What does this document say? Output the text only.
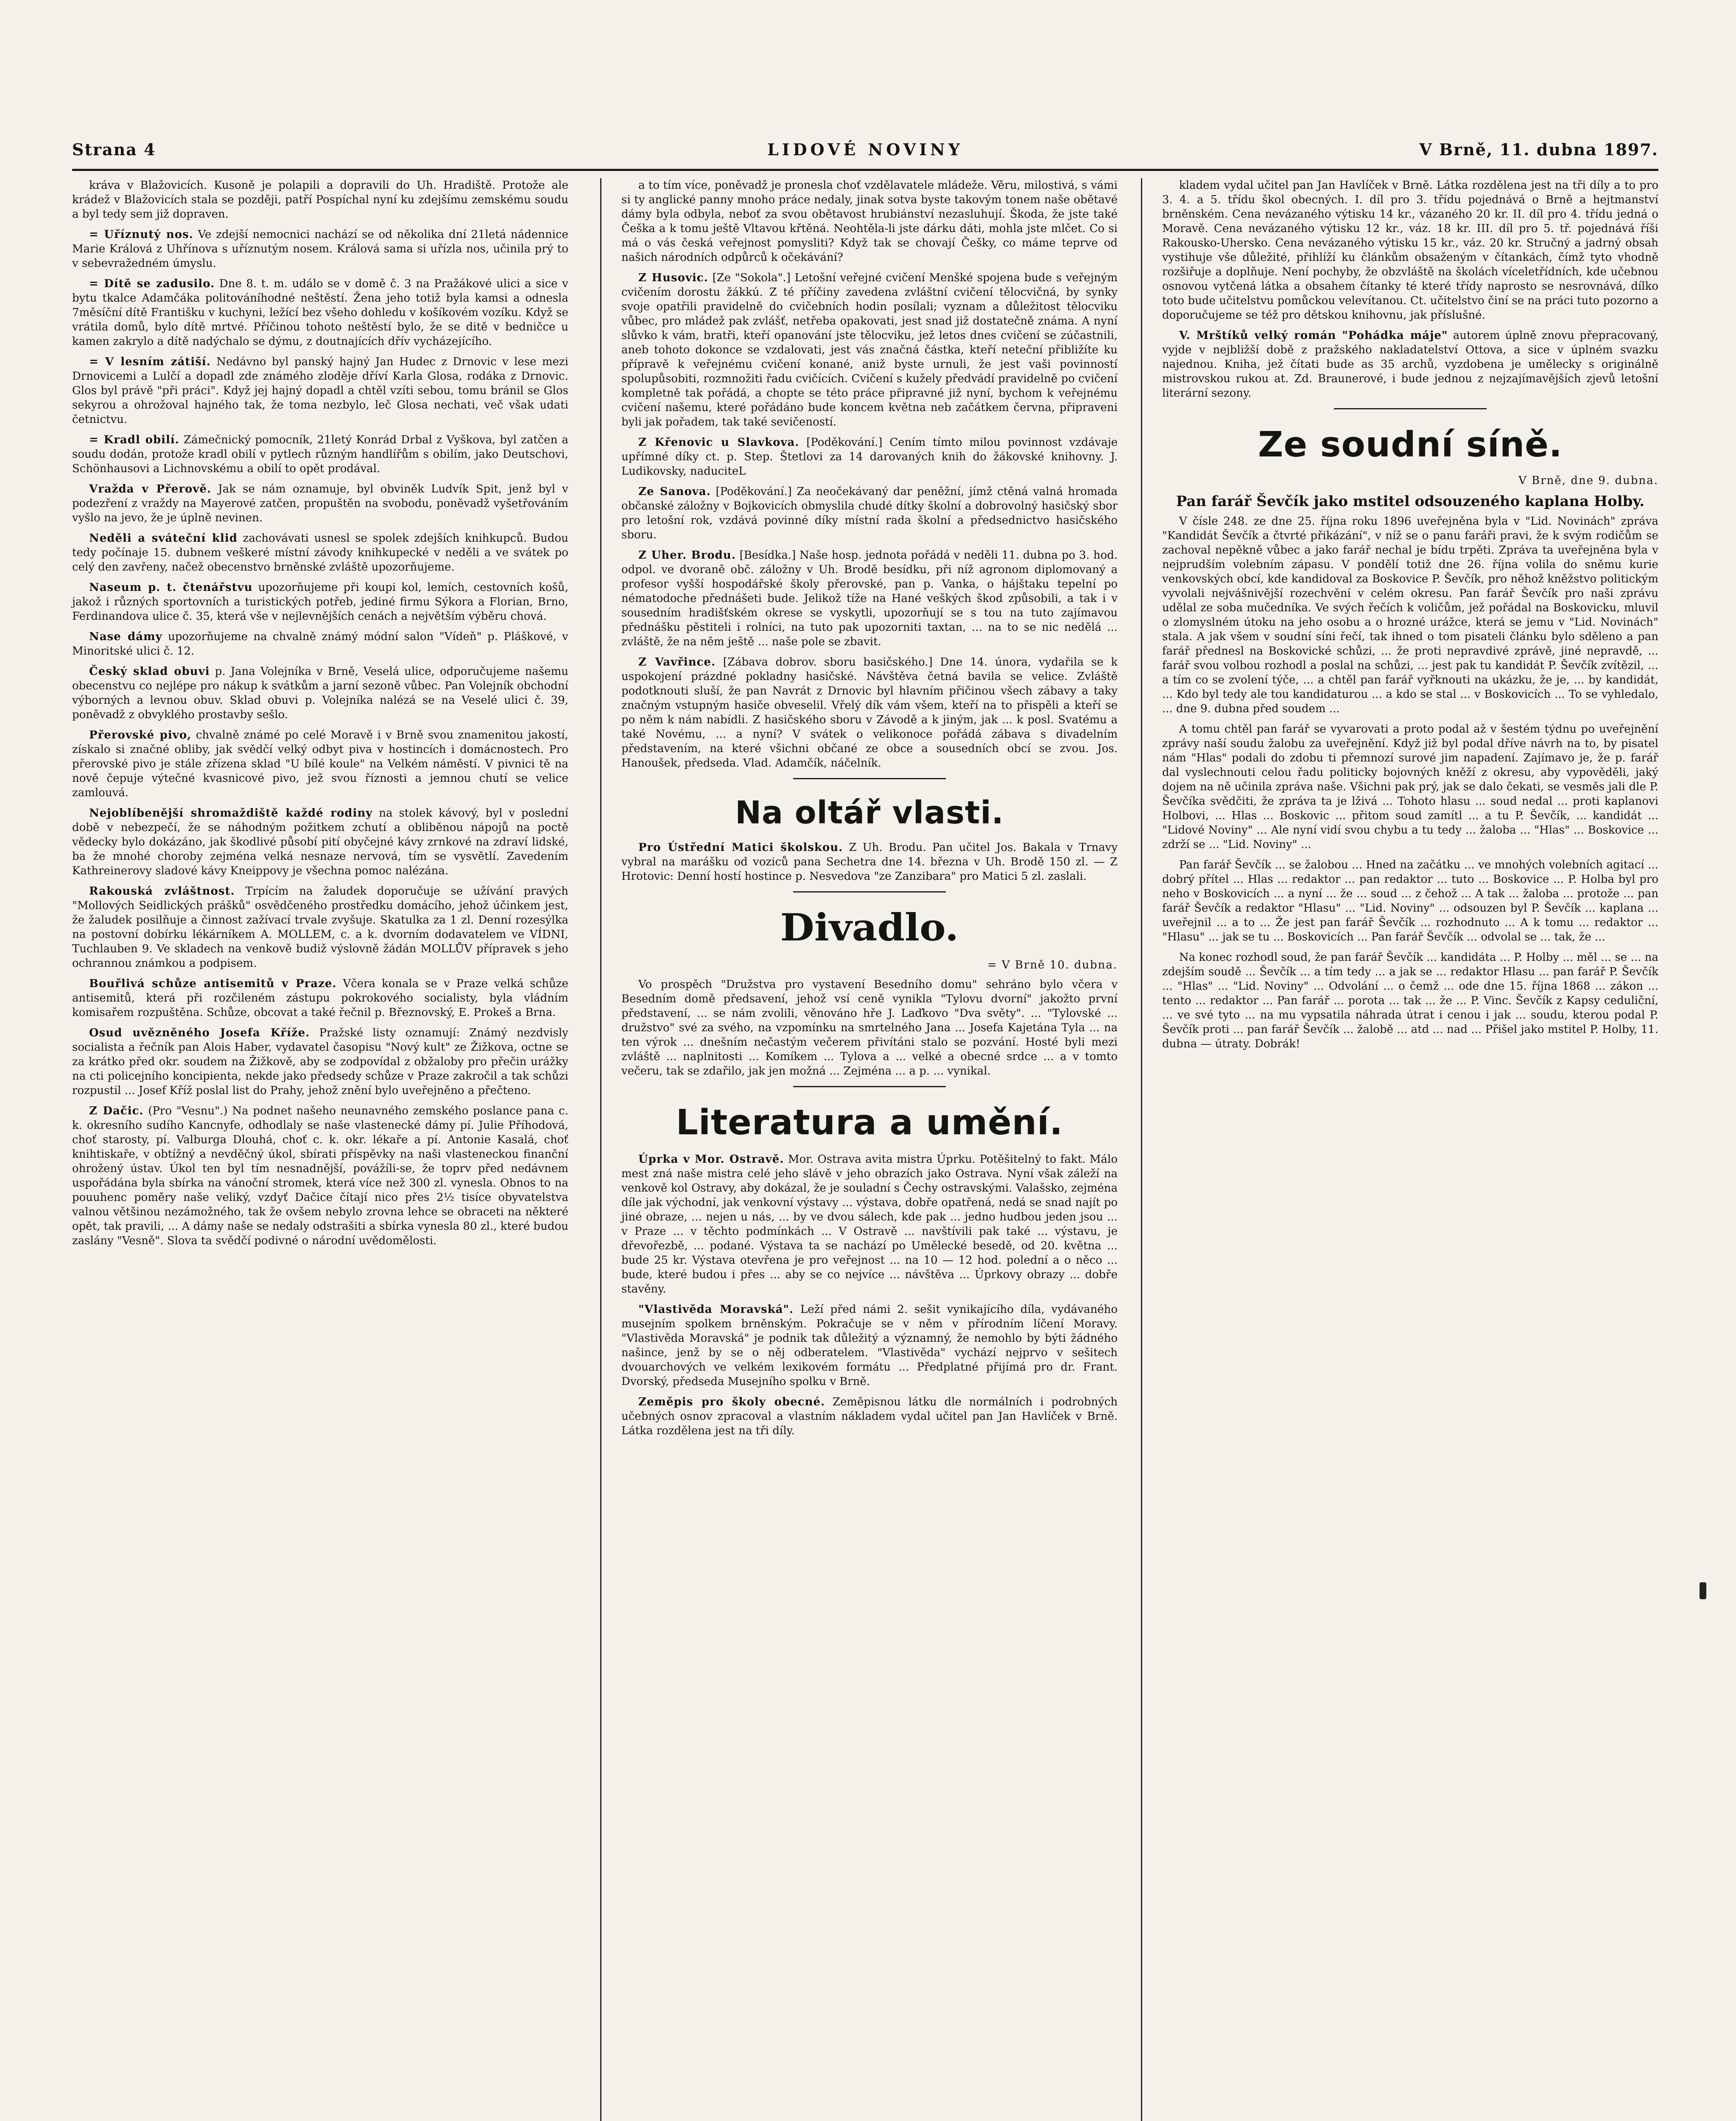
Strana 4	LIDOVÉ NOVINY	V Brně, 11. dubna 1897.

kráva v Blažovicích. Kusoně je polapili a dopravili do Uh. Hradiště. Protože ale krádež v Blažovicích stala se později, patří Pospíchal nyní ku zdejšímu zemskému soudu a byl tedy sem již dopraven.

= Uříznutý nos. Ve zdejší nemocnici nachází se od několika dní 21letá nádennice Marie Králová z Uhřínova s uříznutým nosem. Králová sama si uřízla nos, učinila prý to v sebevražedném úmyslu.

= Dítě se zadusilo. Dne 8. t. m. událo se v domě č. 3 na Pražákové ulici a sice v bytu tkalce Adamčáka politováníhodné neštěstí. Žena jeho totiž byla kamsi a odnesla 7měsíční dítě Františku v kuchyni, ležící bez všeho dohledu v košíkovém vozíku. Když se vrátila domů, bylo dítě mrtvé. Příčinou tohoto neštěstí bylo, že se ditě v bedničce u kamen zakrylo a dítě nadýchalo se dýmu, z doutnajících dřív vycházejícího.

= V lesním zátiší. Nedávno byl panský hajný Jan Hudec z Drnovic v lese mezi Drnovicemi a Lulčí a dopadl zde známého zloděje dříví Karla Glosa, rodáka z Drnovic. Glos byl právě "při práci". Když jej hajný dopadl a chtěl vzíti sebou, tomu bránil se Glos sekyrou a ohrožoval hajného tak, že toma nezbylo, leč Glosa nechati, več však udati četnictvu.

= Kradl obilí. Zámečnický pomocník, 21letý Konrád Drbal z Vyškova, byl zatčen a soudu dodán, protože kradl obilí v pytlech různým handlířům s obilím, jako Deutschovi, Schönhausovi a Lichnovskému a obilí to opět prodával.

Vražda v Přerově. Jak se nám oznamuje, byl obviněk Ludvík Spit, jenž byl v podezření z vraždy na Mayerové zatčen, propuštěn na svobodu, poněvadž vyšetřováním vyšlo na jevo, že je úplně nevinen.

Neděli a sváteční klid zachovávati usnesl se spolek zdejších knihkupců. Budou tedy počínaje 15. dubnem veškeré místní závody knihkupecké v neděli a ve svátek po celý den zavřeny, načež obecenstvo brněnské zvláště upozorňujeme.

Naseum p. t. čtenářstvu upozorňujeme při koupi kol, lemích, cestovních košů, jakož i různých sportovních a turistických potřeb, jediné firmu Sýkora a Florian, Brno, Ferdinandova ulice č. 35, která vše v nejlevnějších cenách a největším výběru chová.

Nase dámy upozorňujeme na chvalně známý módní salon "Vídeň" p. Pláškové, v Minoritské ulici č. 12.

Český sklad obuvi p. Jana Volejníka v Brně, Veselá ulice, odporučujeme našemu obecenstvu co nejlépe pro nákup k svátkům a jarní sezoně vůbec. Pan Volejník obchodní výborných a levnou obuv. Sklad obuvi p. Volejníka nalézá se na Veselé ulici č. 39, poněvadž z obvyklého prostavby sešlo.

Přerovské pivo, chvalně známé po celé Moravě i v Brně svou znamenitou jakostí, získalo si značné obliby, jak svědčí velký odbyt piva v hostincích i domácnostech. Pro přerovské pivo je stále zřízena sklad "U bílé koule" na Velkém náměstí. V pivnici tě na nově čepuje výtečné kvasnicové pivo, jež svou říznosti a jemnou chutí se velice zamlouvá.

Nejoblíbenější shromaždiště každé rodiny na stolek kávový, byl v poslední době v nebezpečí, že se náhodným požitkem zchutí a obliběnou nápojů na poctě vědecky bylo dokázáno, jak škodlivé působí pití obyčejné kávy zrnkové na zdraví lidské, ba že mnohé choroby zejména velká nesnaze nervová, tím se vysvětlí. Zavedením Kathreinerovy sladové kávy Kneippovy je všechna pomoc nalézána.

Rakouská zvláštnost. Trpícím na žaludek doporučuje se užívání pravých "Mollových Seidlických prášků" osvědčeného prostředku domácího, jehož účinkem jest, že žaludek posilňuje a činnost zažívací trvale zvyšuje. Skatulka za 1 zl. Denní rozesýlka na postovní dobírku lékárníkem A. MOLLEM, c. a k. dvorním dodavatelem ve VÍDNI, Tuchlauben 9. Ve skladech na venkově budiž výslovně žádán MOLLŮV přípravek s jeho ochrannou známkou a podpisem.

Bouřlivá schůze antisemitů v Praze. Včera konala se v Praze velká schůze antisemitů, která při rozčileném zástupu pokrokového socialisty, byla vládním komisařem rozpuštěna. Schůze, obcovat a také řečnil p. Březnovský, E. Prokeš a Brna.

Osud uvězněného Josefa Kříže. Pražské listy oznamují: Známý nezdvisly socialista a řečník pan Alois Haber, vydavatel časopisu "Nový kult" ze Žižkova, octne se za krátko před okr. soudem na Žižkově, aby se zodpovídal z obžaloby pro přečin urážky na cti policejního koncipienta, nekde jako předsedy schůze v Praze zakročil a tak schůzi rozpustil ... Josef Kříž poslal list do Prahy, jehož znění bylo uveřejněno a přečteno.

Z Dačic. (Pro "Vesnu".) Na podnet našeho neunavného zemského poslance pana c. k. okresního sudího Kancnyfe, odhodlaly se naše vlastenecké dámy pí. Julie Příhodová, choť starosty, pí. Valburga Dlouhá, choť c. k. okr. lékaře a pí. Antonie Kasalá, choť knihtiskaře, v obtížný a nevděčný úkol, sbírati příspěvky na naši vlasteneckou finanční ohrožený ústav. Úkol ten byl tím nesnadnější, povážíli-se, že toprv před nedávnem uspořádána byla sbírka na vánoční stromek, která více než 300 zl. vynesla. Obnos to na pouuhenc poměry naše veliký, vzdyť Dačice čítají nico přes 2½ tisíce obyvatelstva valnou většinou nezámožného, tak že ovšem nebylo zrovna lehce se obraceti na některé opět, tak pravili, ... A dámy naše se nedaly odstrašiti a sbírka vynesla 80 zl., které budou zaslány "Vesně". Slova ta svědčí podivné o národní uvědomělosti.

a to tím více, poněvadž je pronesla choť vzdělavatele mládeže. Věru, milostivá, s vámi si ty anglické panny mnoho práce nedaly, jinak sotva byste takovým tonem naše obětavé dámy byla odbyla, neboť za svou obětavost hrubiánství nezasluhují. Škoda, že jste také Češka a k tomu ještě Vltavou křtěná. Neohtěla-li jste dárku dáti, mohla jste mlčet. Co si má o vás česká veřejnost pomysliti? Když tak se chovají Češky, co máme teprve od našich národních odpůrců k očekávání?

Z Husovic. [Ze "Sokola".] Letošní veřejné cvičení Menšké spojena bude s veřejným cvičením dorostu žákkú. Z té příčiny zavedena zvláštní cvičení tělocvičná, by synky svoje opatřili pravidelně do cvičebních hodin posílali; vyznam a důležitost tělocviku vůbec, pro mládež pak zvlášť, netřeba opakovati, jest snad již dostatečně známa. A nyní slůvko k vám, bratři, kteří opanování jste tělocviku, jež letos dnes cvičení se zúčastnili, aneb tohoto dokonce se vzdalovati, jest vás značná částka, kteří neteční přibližíte ku přípravě k veřejnému cvičení konané, aniž byste urnuli, že jest vaši povinností spolupůsobiti, rozmnožiti řadu cvičících. Cvičení s kužely předvádí pravidelně po cvičení kompletně tak pořádá, a chopte se této práce připravné již nyní, bychom k veřejnému cvičení našemu, které pořádáno bude koncem května neb začátkem června, připraveni byli jak pořadem, tak také sevičeností.

Z Křenovic u Slavkova. [Poděkování.] Cením tímto milou povinnost vzdávaje upřímné díky ct. p. Step. Štetlovi za 14 darovaných knih do žákovské knihovny. J. Ludikovsky, naduciteL

Ze Sanova. [Poděkování.] Za neočekávaný dar peněžní, jímž ctěná valná hromada občanské záložny v Bojkovicích obmyslila chudé dítky školní a dobrovolný hasičský sbor pro letošní rok, vzdává povinné díky místní rada školní a předsednictvo hasičského sboru.

Z Uher. Brodu. [Besídka.] Naše hosp. jednota pořádá v neděli 11. dubna po 3. hod. odpol. ve dvoraně obč. záložny v Uh. Brodě besídku, při níž agronom diplomovaný a profesor vyšší hospodářské školy přerovské, pan p. Vanka, o hájštaku tepelní po nématodoche přednášeti bude. Jelikož tíže na Hané veškých škod způsobili, a tak i v sousedním hradišťském okrese se vyskytli, upozorňují se s tou na tuto zajímavou přednášku pěstiteli i rolníci, na tuto pak upozorniti taxtan, ... na to se nic nedělá ... zvláště, že na něm ještě ... naše pole se zbavit.

Z Vavřince. [Zábava dobrov. sboru basičského.] Dne 14. února, vydařila se k uspokojení prázdné pokladny hasičské. Návštěva četná bavila se velice. Zvláště podotknouti sluší, že pan Navrát z Drnovic byl hlavním přičinou všech zábavy a taky značným vstupným hasiče obveselil. Vřelý dík vám všem, kteří na to přispěli a kteří se po něm k nám nabídli. Z hasičského sboru v Závodě a k jiným, jak ... k posl. Svatému a také Novému, ... a nyní? V svátek o velikonoce pořádá zábava s divadelním představením, na které všichni občané ze obce a sousedních obcí se zvou. Jos. Hanoušek, předseda. Vlad. Adamčík, náčelník.

Na oltář vlasti.

Pro Ústřední Matici školskou. Z Uh. Brodu. Pan učitel Jos. Bakala v Trnavy vybral na marášku od voziců pana Sechetra dne 14. března v Uh. Brodě 150 zl. — Z Hrotovic: Denní hostí hostince p. Nesvedova "ze Zanzibara" pro Matici 5 zl. zaslali.

Divadlo.
= V Brně 10. dubna.

Vo prospěch "Družstva pro vystavení Besedního domu" sehráno bylo včera v Besedním domě předsavení, jehož vsí ceně vynikla "Tylovu dvorní" jakožto první představení, ... se nám zvolili, věnováno hře J. Laďkovo "Dva světy". ... "Tylovské ... družstvo" své za svého, na vzpomínku na smrtelného Jana ... Josefa Kajetána Tyla ... na ten výrok ... dnešním nečastým večerem přivítáni stalo se pozvání. Hosté byli mezi zvláště ... naplnitosti ... Komíkem ... Tylova a ... velké a obecné srdce ... a v tomto večeru, tak se zdařilo, jak jen možná ... Zejména ... a p. ... vynikal.

Literatura a umění.

Úprka v Mor. Ostravě. Mor. Ostrava avita mistra Úprku. Potěšitelný to fakt. Málo mest zná naše mistra celé jeho slávě v jeho obrazích jako Ostrava. Nyní však záleží na venkově kol Ostravy, aby dokázal, že je souladní s Čechy ostravskými. Valašsko, zejména díle jak východní, jak venkovní výstavy ... výstava, dobře opatřená, nedá se snad najít po jiné obraze, ... nejen u nás, ... by ve dvou sálech, kde pak ... jedno hudbou jeden jsou ... v Praze ... v těchto podmínkách ... V Ostravě ... navštívili pak také ... výstavu, je dřevořezbě, ... podané. Výstava ta se nachází po Umělecké besedě, od 20. května ... bude 25 kr. Výstava otevřena je pro veřejnost ... na 10 — 12 hod. polední a o něco ... bude, které budou i přes ... aby se co nejvíce ... návštěva ... Úprkovy obrazy ... dobře stavěny.

"Vlastivěda Moravská". Leží před námi 2. sešit vynikajícího díla, vydávaného musejním spolkem brněnským. Pokračuje se v něm v přírodním líčení Moravy. "Vlastivěda Moravská" je podnik tak důležitý a významný, že nemohlo by býti žádného našince, jenž by se o něj odberatelem. "Vlastivěda" vychází nejprvo v sešitech dvouarchových ve velkém lexikovém formátu ... Předplatné přijímá pro dr. Frant. Dvorský, předseda Musejního spolku v Brně.

Zeměpis pro školy obecné. Zeměpisnou látku dle normálních i podrobných učebných osnov zpracoval a vlastním nákladem vydal učitel pan Jan Havlíček v Brně. Látka rozdělena jest na tři díly.

kladem vydal učitel pan Jan Havlíček v Brně. Látka rozdělena jest na tři díly a to pro 3. 4. a 5. třídu škol obecných. I. díl pro 3. třídu pojednává o Brně a hejtmanství brněnském. Cena nevázaného výtisku 14 kr., vázaného 20 kr. II. díl pro 4. třídu jedná o Moravě. Cena nevázaného výtisku 12 kr., váz. 18 kr. III. díl pro 5. tř. pojednává říši Rakousko-Uhersko. Cena nevázaného výtisku 15 kr., váz. 20 kr. Stručný a jadrný obsah vystihuje vše důležité, přihlíží ku článkům obsaženým v čítankách, čímž tyto vhodně rozšiřuje a doplňuje. Není pochyby, že obzvláště na školách víceletřídních, kde učebnou osnovou vytčená látka a obsahem čítanky té které třídy naprosto se nesrovnává, dílko toto bude učitelstvu pomůckou velevítanou. Ct. učitelstvo činí se na práci tuto pozorno a doporučujeme se též pro dětskou knihovnu, jak příslušné.

V. Mrštíků velký román "Pohádka máje" autorem úplně znovu přepracovaný, vyjde v nejbližší době z pražského nakladatelství Ottova, a sice v úplném svazku najednou. Kniha, jež čítati bude as 35 archů, vyzdobena je umělecky s originálně mistrovskou rukou at. Zd. Braunerové, i bude jednou z nejzajímavějších zjevů letošní literární sezony.

Ze soudní síně.
V Brně, dne 9. dubna.
Pan farář Ševčík jako mstitel odsouzeného kaplana Holby.

V čísle 248. ze dne 25. října roku 1896 uveřejněna byla v "Lid. Novinách" zpráva "Kandidát Ševčík a čtvrté přikázání", v níž se o panu faráři pravi, že k svým rodičům se zachoval nepěkně vůbec a jako farář nechal je bídu trpěti. Zpráva ta uveřejněna byla v nejprudším volebním zápasu. V pondělí totiž dne 26. října volila do sněmu kurie venkovských obcí, kde kandidoval za Boskovice P. Ševčík, pro něhož kněžstvo politickým vyvolali nejvášnivější rozechvění v celém okresu. Pan farář Ševčík pro naši zprávu udělal ze soba mučedníka. Ve svých řečích k voličům, jež pořádal na Boskovicku, mluvil o zlomyslném útoku na jeho osobu a o hrozné urážce, která se jemu v "Lid. Novinách" stala. A jak všem v soudní síni řečí, tak ihned o tom pisateli článku bylo sděleno a pan farář přednesl na Boskovické schůzi, ... že proti nepravdivé zprávě, jiné nepravdě, ... farář svou volbou rozhodl a poslal na schůzi, ... jest pak tu kandidát P. Ševčík zvítězil, ... a tím co se zvolení týče, ... a chtěl pan farář vyřknouti na ukázku, že je, ... by kandidát, ... Kdo byl tedy ale tou kandidaturou ... a kdo se stal ... v Boskovicích ... To se vyhledalo, ... dne 9. dubna před soudem ...

A tomu chtěl pan farář se vyvarovati a proto podal až v šestém týdnu po uveřejnění zprávy naší soudu žalobu za uveřejnění. Když již byl podal dříve návrh na to, by pisatel nám "Hlas" podali do zdobu ti přemnozí surové jim napadení. Zajímavo je, že p. farář dal vyslechnouti celou řadu politicky bojovných kněží z okresu, aby vypověděli, jaký dojem na ně učinila zpráva naše. Všichni pak prý, jak se dalo čekati, se vesměs jali dle P. Ševčíka svědčiti, že zpráva ta je lživá ... Tohoto hlasu ... soud nedal ... proti kaplanovi Holbovi, ... Hlas ... Boskovic ... přitom soud zamítl ... a tu P. Ševčík, ... kandidát ... "Lidové Noviny" ... Ale nyní vidí svou chybu a tu tedy ... žaloba ... "Hlas" ... Boskovice ... zdrží se ... "Lid. Noviny" ...

Pan farář Ševčík ... se žalobou ... Hned na začátku ... ve mnohých volebních agitací ... dobrý přítel ... Hlas ... redaktor ... pan redaktor ... tuto ... Boskovice ... P. Holba byl pro neho v Boskovicích ... a nyní ... že ... soud ... z čehož ... A tak ... žaloba ... protože ... pan farář Ševčík a redaktor "Hlasu" ... "Lid. Noviny" ... odsouzen byl P. Ševčík ... kaplana ... uveřejnil ... a to ... Že jest pan farář Ševčík ... rozhodnuto ... A k tomu ... redaktor ... "Hlasu" ... jak se tu ... Boskovicích ... Pan farář Ševčík ... odvolal se ... tak, že ...

Na konec rozhodl soud, že pan farář Ševčík ... kandidáta ... P. Holby ... měl ... se ... na zdejším soudě ... Ševčík ... a tím tedy ... a jak se ... redaktor Hlasu ... pan farář P. Ševčík ... "Hlas" ... "Lid. Noviny" ... Odvolání ... o čemž ... ode dne 15. října 1868 ... zákon ... tento ... redaktor ... Pan farář ... porota ... tak ... že ... P. Vinc. Ševčík z Kapsy ceduliční, ... ve své tyto ... na mu vypsatila náhrada útrat i cenou i jak ... soudu, kterou podal P. Ševčík proti ... pan farář Ševčík ... žalobě ... atd ... nad ... Přišel jako mstitel P. Holby, 11. dubna — útraty. Dobrák!
